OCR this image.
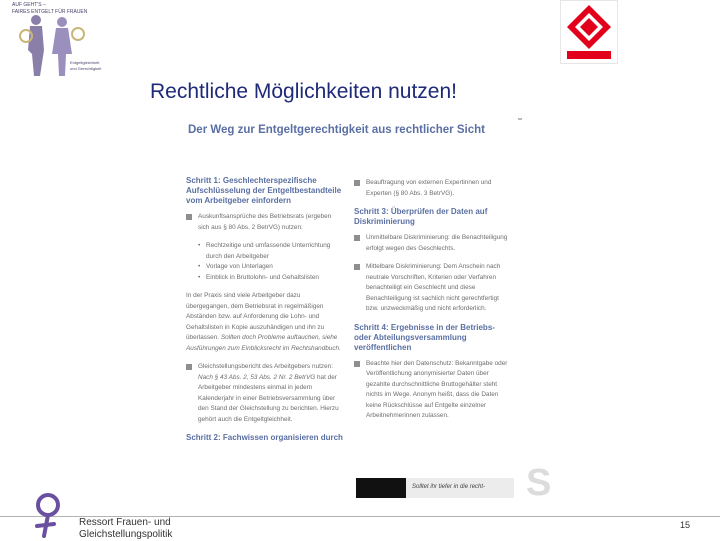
AUF GEHT'S –
FAIRES ENTGELT FÜR FRAUEN
Entgeltgleichheit
und Gerechtigkeit
Rechtliche Möglichkeiten nutzen!
Der Weg zur Entgeltgerechtigkeit aus rechtlicher Sicht
Schritt 1: Geschlechterspezifische Aufschlüsselung der Entgeltbestandteile vom Arbeitgeber einfordern
Auskunftsansprüche des Betriebsrats (ergeben sich aus § 80 Abs. 2 BetrVG) nutzen:
• Rechtzeitige und umfassende Unterrichtung durch den Arbeitgeber
• Vorlage von Unterlagen
• Einblick in Bruttolohn- und Gehaltslisten
In der Praxis sind viele Arbeitgeber dazu übergegangen, dem Betriebsrat in regelmäßigen Abständen bzw. auf Anforderung die Lohn- und Gehaltslisten in Kopie auszuhändigen und ihn zu überlassen. Sollten doch Probleme auftauchen, siehe Ausführungen zum Einblicksrecht im Rechtshandbuch.
Gleichstellungsbericht des Arbeitgebers nutzen: Nach § 43 Abs. 2, 53 Abs. 2 Nr. 2 BetrVG hat der Arbeitgeber mindestens einmal in jedem Kalenderjahr in einer Betriebsversammlung über den Stand der Gleichstellung zu berichten. Hierzu gehört auch die Entgeltgleichheit.
Schritt 2: Fachwissen organisieren durch
Beauftragung von externen Expertinnen und Experten (§ 80 Abs. 3 BetrVG).
Schritt 3: Überprüfen der Daten auf Diskriminierung
Unmittelbare Diskriminierung: die Benachteiligung erfolgt wegen des Geschlechts.
Mittelbare Diskriminierung: Dem Anschein nach neutrale Vorschriften, Kriterien oder Verfahren benachteiligt ein Geschlecht und diese Benachteiligung ist sachlich nicht gerechtfertigt bzw. unzweckmäßig und nicht erforderlich.
Schritt 4: Ergebnisse in der Betriebs- oder Abteilungsversammlung veröffentlichen
Beachte hier den Datenschutz: Bekanntgabe oder Veröffentlichung anonymisierter Daten über gezahlte durchschnittliche Bruttogehälter steht nichts im Wege. Anonym heißt, dass die Daten keine Rückschlüsse auf Entgelte einzelner Arbeitnehmerinnen zulassen.
Solltet ihr tiefer in die recht- S
Ressort Frauen- und
Gleichstellungspolitik
15
